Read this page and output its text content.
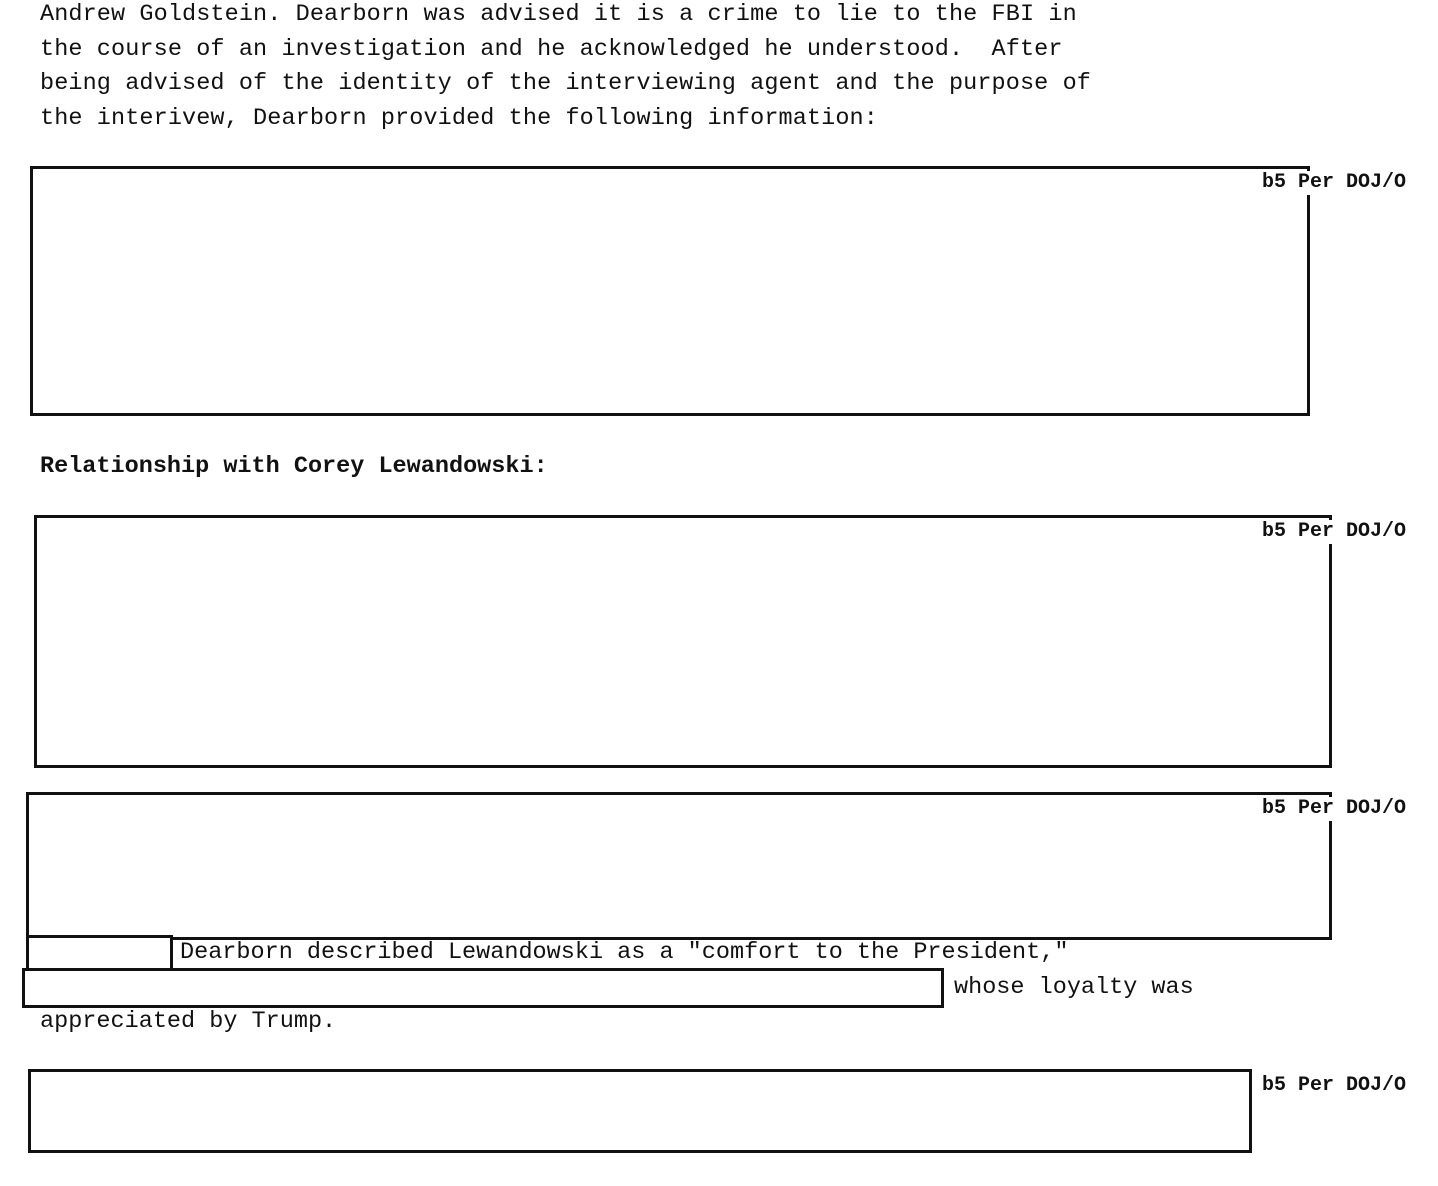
Andrew Goldstein. Dearborn was advised it is a crime to lie to the FBI in
the course of an investigation and he acknowledged he understood.  After
being advised of the identity of the interviewing agent and the purpose of
the interivew, Dearborn provided the following information:
b5 Per DOJ/O
Relationship with Corey Lewandowski:
b5 Per DOJ/O
b5 Per DOJ/O
Dearborn described Lewandowski as a "comfort to the President,"
whose loyalty was
appreciated by Trump.
b5 Per DOJ/O
